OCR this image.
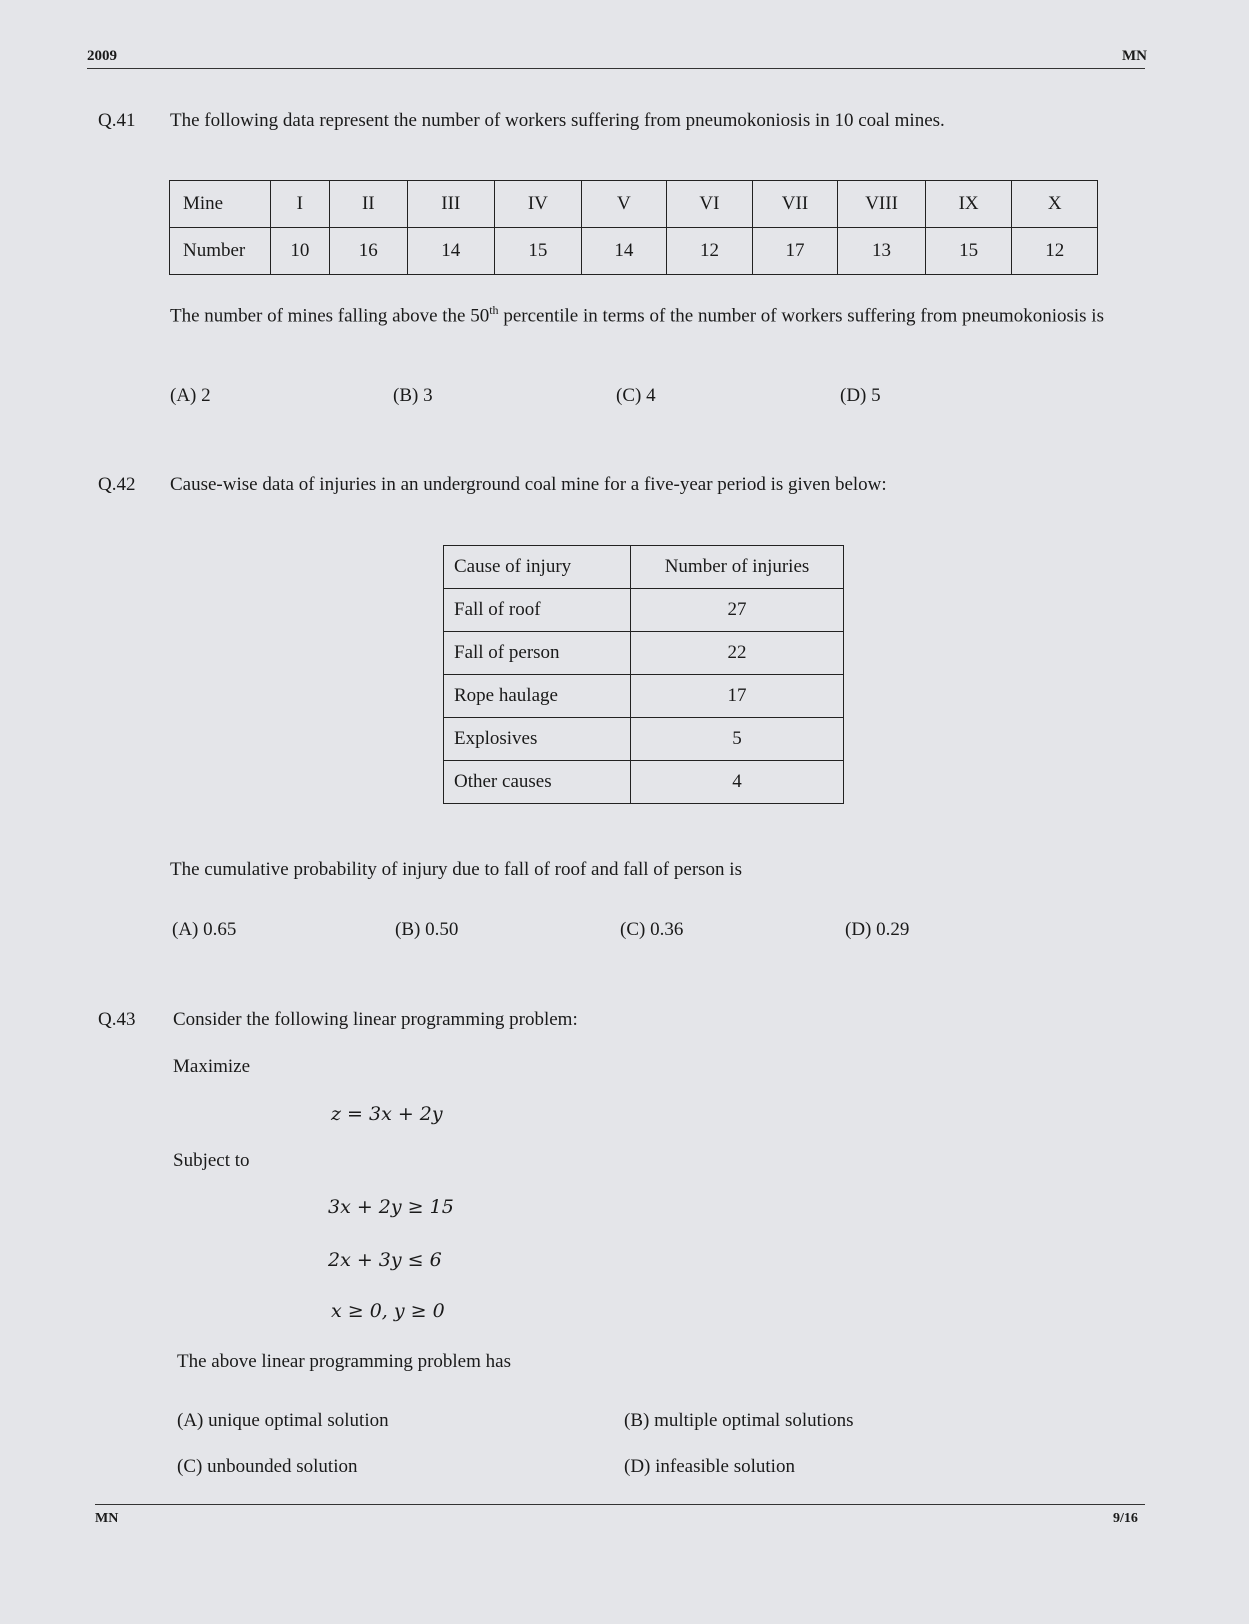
2009	MN
Q.41 The following data represent the number of workers suffering from pneumokoniosis in 10 coal mines.
Mine	I	II	III	IV	V	VI	VII	VIII	IX	X
Number	10	16	14	15	14	12	17	13	15	12
The number of mines falling above the 50th percentile in terms of the number of workers suffering from pneumokoniosis is
(A) 2	(B) 3	(C) 4	(D) 5
Q.42 Cause-wise data of injuries in an underground coal mine for a five-year period is given below:
Cause of injury	Number of injuries
Fall of roof	27
Fall of person	22
Rope haulage	17
Explosives	5
Other causes	4
The cumulative probability of injury due to fall of roof and fall of person is
(A) 0.65	(B) 0.50	(C) 0.36	(D) 0.29
Q.43 Consider the following linear programming problem:
Maximize
z = 3x + 2y
Subject to
3x + 2y ≥ 15
2x + 3y ≤ 6
x ≥ 0, y ≥ 0
The above linear programming problem has
(A) unique optimal solution	(B) multiple optimal solutions
(C) unbounded solution	(D) infeasible solution
MN	9/16
